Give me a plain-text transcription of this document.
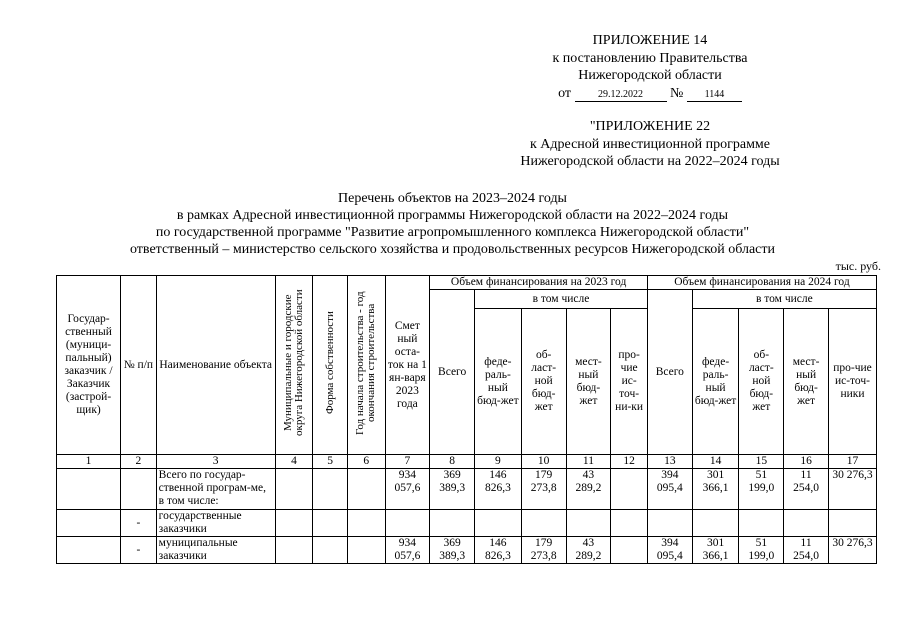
ПРИЛОЖЕНИЕ 14
к постановлению Правительства
Нижегородской области
от	29.12.2022 № 1144
"ПРИЛОЖЕНИЕ 22
к Адресной инвестиционной программе
Нижегородской области на 2022–2024 годы
Перечень объектов на 2023–2024 годы
в рамках Адресной инвестиционной программы Нижегородской области на 2022–2024 годы
по государственной программе "Развитие агропромышленного комплекса Нижегородской области"
ответственный – министерство сельского хозяйства и продовольственных ресурсов Нижегородской области
тыс. руб.
Государ-ственный (муници-пальный) заказчик / Заказчик (застрой-щик)	№ п/п	Наименование объекта	Муниципальные и городские округа Нижегородской области	Форма собственности	Год начала строительства - год окончания строительства	Смет ный оста-ток на 1 ян-варя 2023 года	Объем финансирования на 2023 год					Объем финансирования на 2024 год				
							Всего	в том числе				Всего	в том числе			
								феде-раль-ный бюд-жет	об-ласт-ной бюд-жет	мест-ный бюд-жет	про-чие ис-точ-ни-ки		феде-раль-ный бюд-жет	об-ласт-ной бюд-жет	мест-ный бюд-жет	про-чие ис-точ-ники
1	2	3	4	5	6	7	8	9	10	11	12	13	14	15	16	17
		Всего по государ-ственной програм-ме, в том числе:				934 057,6	369 389,3	146 826,3	179 273,8	43 289,2		394 095,4	301 366,1	51 199,0	11 254,0	30 276,3
	-	государственные заказчики														
	-	муниципальные заказчики				934 057,6	369 389,3	146 826,3	179 273,8	43 289,2		394 095,4	301 366,1	51 199,0	11 254,0	30 276,3
